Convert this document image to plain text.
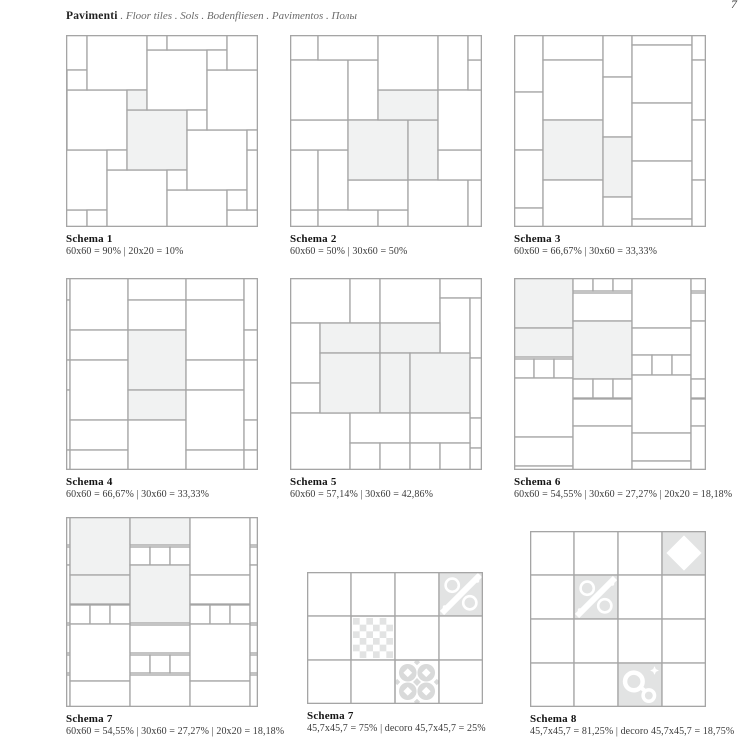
Pavimenti . Floor tiles . Sols . Bodenfliesen . Pavimentos . Полы
7
Schema 1
60x60 = 90% | 20x20 = 10%
Schema 2
60x60 = 50% | 30x60 = 50%
Schema 3
60x60 = 66,67% | 30x60 = 33,33%
Schema 4
60x60 = 66,67% | 30x60 = 33,33%
Schema 5
60x60 = 57,14% | 30x60 = 42,86%
Schema 6
60x60 = 54,55% | 30x60 = 27,27% | 20x20 = 18,18%
Schema 7
60x60 = 54,55% | 30x60 = 27,27% | 20x20 = 18,18%
Schema 7
45,7x45,7 = 75% | decoro 45,7x45,7 = 25%
Schema 8
45,7x45,7 = 81,25% | decoro 45,7x45,7 = 18,75%
